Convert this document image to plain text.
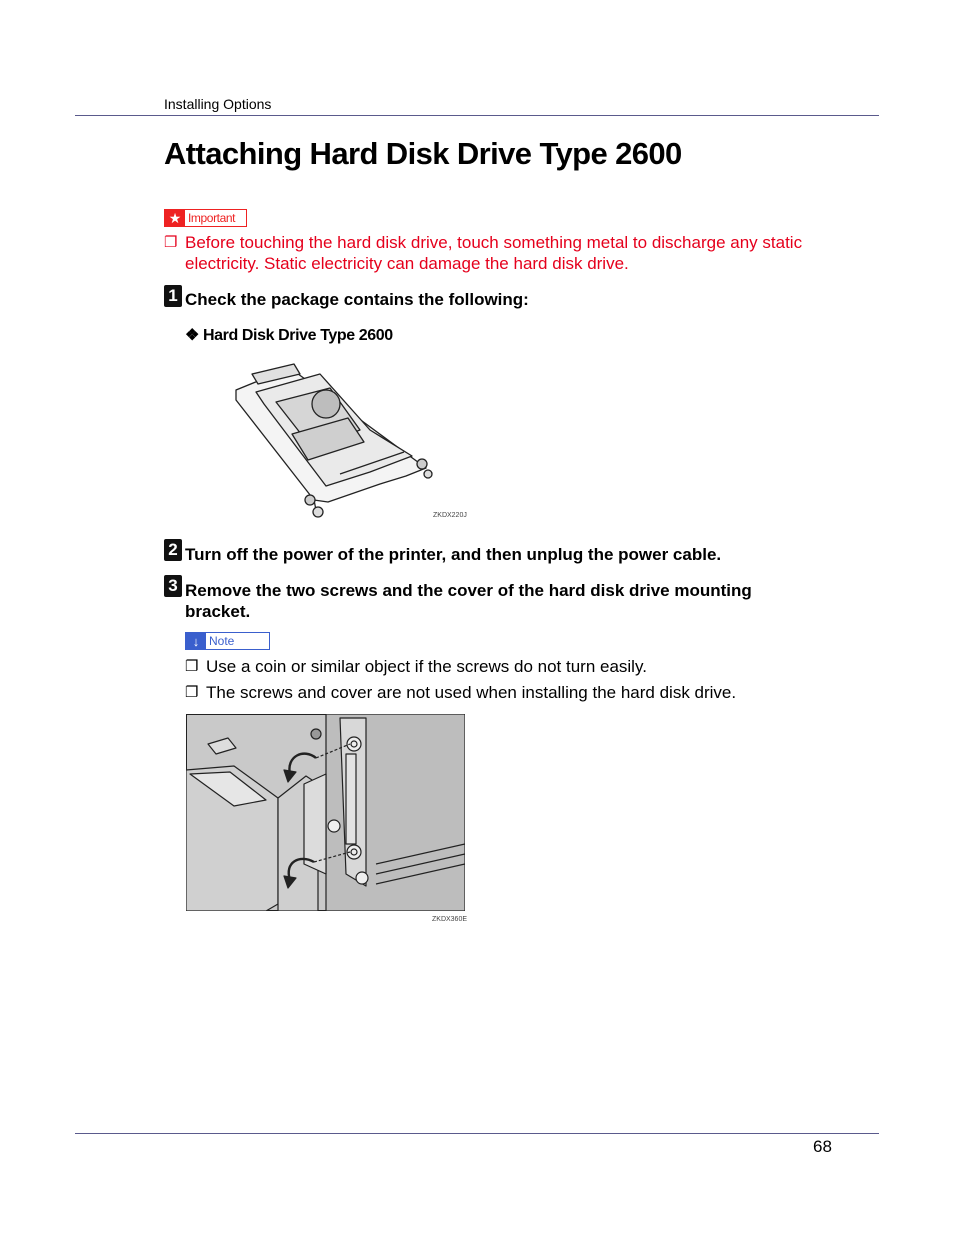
Installing Options
Attaching Hard Disk Drive Type 2600
★ Important
❐ Before touching the hard disk drive, touch something metal to discharge any static electricity. Static electricity can damage the hard disk drive.
1 Check the package contains the following:
❖ Hard Disk Drive Type 2600
ZKDX220J
2 Turn off the power of the printer, and then unplug the power cable.
3 Remove the two screws and the cover of the hard disk drive mounting bracket.
↓ Note
❐ Use a coin or similar object if the screws do not turn easily.
❐ The screws and cover are not used when installing the hard disk drive.
ZKDX360E
68
